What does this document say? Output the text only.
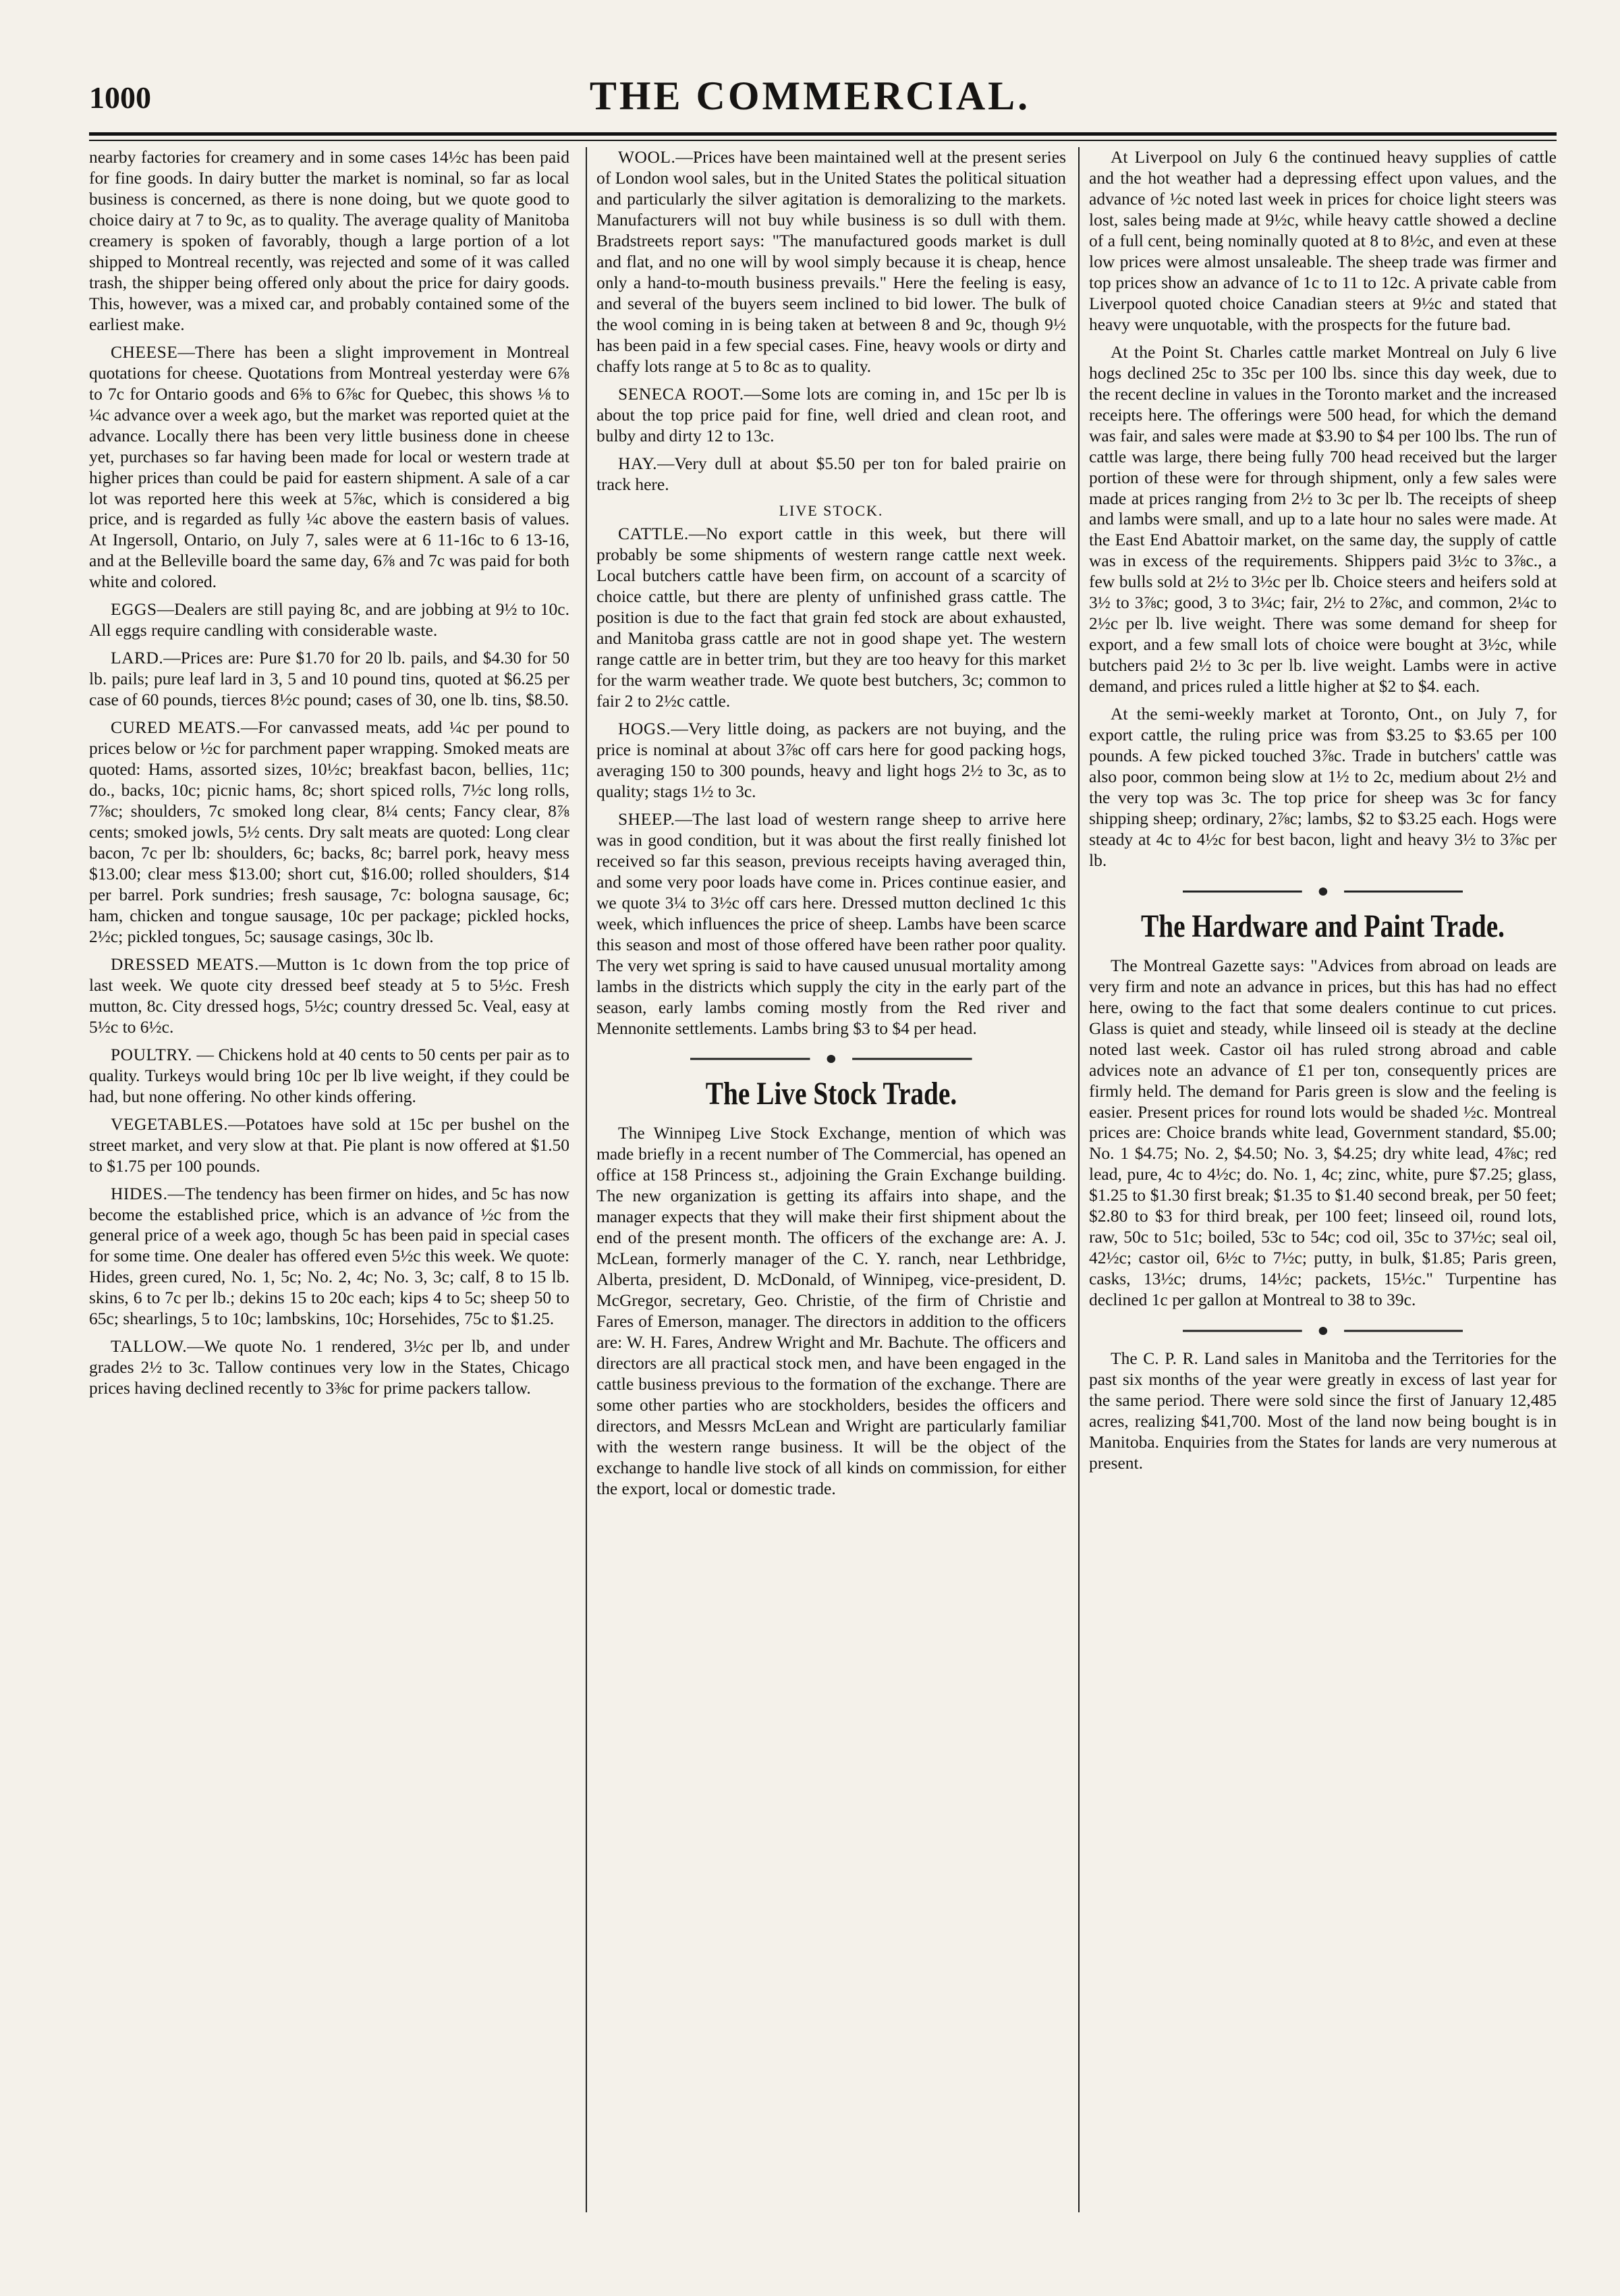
1000	THE COMMERCIAL.

nearby factories for creamery and in some cases 14½c has been paid for fine goods. In dairy butter the market is nominal, so far as local business is concerned, as there is none doing, but we quote good to choice dairy at 7 to 9c, as to quality. The average quality of Manitoba creamery is spoken of favorably, though a large portion of a lot shipped to Montreal recently, was rejected and some of it was called trash, the shipper being offered only about the price for dairy goods. This, however, was a mixed car, and probably contained some of the earliest make.

CHEESE—There has been a slight improvement in Montreal quotations for cheese. Quotations from Montreal yesterday were 6⅞ to 7c for Ontario goods and 6⅝ to 6⅞c for Quebec, this shows ⅛ to ¼c advance over a week ago, but the market was reported quiet at the advance. Locally there has been very little business done in cheese yet, purchases so far having been made for local or western trade at higher prices than could be paid for eastern shipment. A sale of a car lot was reported here this week at 5⅞c, which is considered a big price, and is regarded as fully ¼c above the eastern basis of values. At Ingersoll, Ontario, on July 7, sales were at 6 11-16c to 6 13-16, and at the Belleville board the same day, 6⅞ and 7c was paid for both white and colored.

EGGS—Dealers are still paying 8c, and are jobbing at 9½ to 10c. All eggs require candling with considerable waste.

LARD.—Prices are: Pure $1.70 for 20 lb. pails, and $4.30 for 50 lb. pails; pure leaf lard in 3, 5 and 10 pound tins, quoted at $6.25 per case of 60 pounds, tierces 8½c pound; cases of 30, one lb. tins, $8.50.

CURED MEATS.—For canvassed meats, add ¼c per pound to prices below or ½c for parchment paper wrapping. Smoked meats are quoted: Hams, assorted sizes, 10½c; breakfast bacon, bellies, 11c; do., backs, 10c; picnic hams, 8c; short spiced rolls, 7½c long rolls, 7⅞c; shoulders, 7c smoked long clear, 8¼ cents; Fancy clear, 8⅞ cents; smoked jowls, 5½ cents. Dry salt meats are quoted: Long clear bacon, 7c per lb: shoulders, 6c; backs, 8c; barrel pork, heavy mess $13.00; clear mess $13.00; short cut, $16.00; rolled shoulders, $14 per barrel. Pork sundries; fresh sausage, 7c: bologna sausage, 6c; ham, chicken and tongue sausage, 10c per package; pickled hocks, 2½c; pickled tongues, 5c; sausage casings, 30c lb.

DRESSED MEATS.—Mutton is 1c down from the top price of last week. We quote city dressed beef steady at 5 to 5½c. Fresh mutton, 8c. City dressed hogs, 5½c; country dressed 5c. Veal, easy at 5½c to 6½c.

POULTRY. — Chickens hold at 40 cents to 50 cents per pair as to quality. Turkeys would bring 10c per lb live weight, if they could be had, but none offering. No other kinds offering.

VEGETABLES.—Potatoes have sold at 15c per bushel on the street market, and very slow at that. Pie plant is now offered at $1.50 to $1.75 per 100 pounds.

HIDES.—The tendency has been firmer on hides, and 5c has now become the established price, which is an advance of ½c from the general price of a week ago, though 5c has been paid in special cases for some time. One dealer has offered even 5½c this week. We quote: Hides, green cured, No. 1, 5c; No. 2, 4c; No. 3, 3c; calf, 8 to 15 lb. skins, 6 to 7c per lb.; dekins 15 to 20c each; kips 4 to 5c; sheep 50 to 65c; shearlings, 5 to 10c; lambskins, 10c; Horsehides, 75c to $1.25.

TALLOW.—We quote No. 1 rendered, 3½c per lb, and under grades 2½ to 3c. Tallow continues very low in the States, Chicago prices having declined recently to 3⅜c for prime packers tallow.

WOOL.—Prices have been maintained well at the present series of London wool sales, but in the United States the political situation and particularly the silver agitation is demoralizing to the markets. Manufacturers will not buy while business is so dull with them. Bradstreets report says: "The manufactured goods market is dull and flat, and no one will by wool simply because it is cheap, hence only a hand-to-mouth business prevails." Here the feeling is easy, and several of the buyers seem inclined to bid lower. The bulk of the wool coming in is being taken at between 8 and 9c, though 9½ has been paid in a few special cases. Fine, heavy wools or dirty and chaffy lots range at 5 to 8c as to quality.

SENECA ROOT.—Some lots are coming in, and 15c per lb is about the top price paid for fine, well dried and clean root, and bulby and dirty 12 to 13c.

HAY.—Very dull at about $5.50 per ton for baled prairie on track here.

LIVE STOCK.

CATTLE.—No export cattle in this week, but there will probably be some shipments of western range cattle next week. Local butchers cattle have been firm, on account of a scarcity of choice cattle, but there are plenty of unfinished grass cattle. The position is due to the fact that grain fed stock are about exhausted, and Manitoba grass cattle are not in good shape yet. The western range cattle are in better trim, but they are too heavy for this market for the warm weather trade. We quote best butchers, 3c; common to fair 2 to 2½c cattle.

HOGS.—Very little doing, as packers are not buying, and the price is nominal at about 3⅞c off cars here for good packing hogs, averaging 150 to 300 pounds, heavy and light hogs 2½ to 3c, as to quality; stags 1½ to 3c.

SHEEP.—The last load of western range sheep to arrive here was in good condition, but it was about the first really finished lot received so far this season, previous receipts having averaged thin, and some very poor loads have come in. Prices continue easier, and we quote 3¼ to 3½c off cars here. Dressed mutton declined 1c this week, which influences the price of sheep. Lambs have been scarce this season and most of those offered have been rather poor quality. The very wet spring is said to have caused unusual mortality among lambs in the districts which supply the city in the early part of the season, early lambs coming mostly from the Red river and Mennonite settlements. Lambs bring $3 to $4 per head.

The Live Stock Trade.

The Winnipeg Live Stock Exchange, mention of which was made briefly in a recent number of The Commercial, has opened an office at 158 Princess st., adjoining the Grain Exchange building. The new organization is getting its affairs into shape, and the manager expects that they will make their first shipment about the end of the present month. The officers of the exchange are: A. J. McLean, formerly manager of the C. Y. ranch, near Lethbridge, Alberta, president, D. McDonald, of Winnipeg, vice-president, D. McGregor, secretary, Geo. Christie, of the firm of Christie and Fares of Emerson, manager. The directors in addition to the officers are: W. H. Fares, Andrew Wright and Mr. Bachute. The officers and directors are all practical stock men, and have been engaged in the cattle business previous to the formation of the exchange. There are some other parties who are stockholders, besides the officers and directors, and Messrs McLean and Wright are particularly familiar with the western range business. It will be the object of the exchange to handle live stock of all kinds on commission, for either the export, local or domestic trade.

At Liverpool on July 6 the continued heavy supplies of cattle and the hot weather had a depressing effect upon values, and the advance of ½c noted last week in prices for choice light steers was lost, sales being made at 9½c, while heavy cattle showed a decline of a full cent, being nominally quoted at 8 to 8½c, and even at these low prices were almost unsaleable. The sheep trade was firmer and top prices show an advance of 1c to 11 to 12c. A private cable from Liverpool quoted choice Canadian steers at 9½c and stated that heavy were unquotable, with the prospects for the future bad.

At the Point St. Charles cattle market Montreal on July 6 live hogs declined 25c to 35c per 100 lbs. since this day week, due to the recent decline in values in the Toronto market and the increased receipts here. The offerings were 500 head, for which the demand was fair, and sales were made at $3.90 to $4 per 100 lbs. The run of cattle was large, there being fully 700 head received but the larger portion of these were for through shipment, only a few sales were made at prices ranging from 2½ to 3c per lb. The receipts of sheep and lambs were small, and up to a late hour no sales were made. At the East End Abattoir market, on the same day, the supply of cattle was in excess of the requirements. Shippers paid 3½c to 3⅞c., a few bulls sold at 2½ to 3½c per lb. Choice steers and heifers sold at 3½ to 3⅞c; good, 3 to 3¼c; fair, 2½ to 2⅞c, and common, 2¼c to 2½c per lb. live weight. There was some demand for sheep for export, and a few small lots of choice were bought at 3½c, while butchers paid 2½ to 3c per lb. live weight. Lambs were in active demand, and prices ruled a little higher at $2 to $4. each.

At the semi-weekly market at Toronto, Ont., on July 7, for export cattle, the ruling price was from $3.25 to $3.65 per 100 pounds. A few picked touched 3⅞c. Trade in butchers' cattle was also poor, common being slow at 1½ to 2c, medium about 2½ and the very top was 3c. The top price for sheep was 3c for fancy shipping sheep; ordinary, 2⅞c; lambs, $2 to $3.25 each. Hogs were steady at 4c to 4½c for best bacon, light and heavy 3½ to 3⅞c per lb.

The Hardware and Paint Trade.

The Montreal Gazette says: "Advices from abroad on leads are very firm and note an advance in prices, but this has had no effect here, owing to the fact that some dealers continue to cut prices. Glass is quiet and steady, while linseed oil is steady at the decline noted last week. Castor oil has ruled strong abroad and cable advices note an advance of £1 per ton, consequently prices are firmly held. The demand for Paris green is slow and the feeling is easier. Present prices for round lots would be shaded ½c. Montreal prices are: Choice brands white lead, Government standard, $5.00; No. 1 $4.75; No. 2, $4.50; No. 3, $4.25; dry white lead, 4⅞c; red lead, pure, 4c to 4½c; do. No. 1, 4c; zinc, white, pure $7.25; glass, $1.25 to $1.30 first break; $1.35 to $1.40 second break, per 50 feet; $2.80 to $3 for third break, per 100 feet; linseed oil, round lots, raw, 50c to 51c; boiled, 53c to 54c; cod oil, 35c to 37½c; seal oil, 42½c; castor oil, 6½c to 7½c; putty, in bulk, $1.85; Paris green, casks, 13½c; drums, 14½c; packets, 15½c." Turpentine has declined 1c per gallon at Montreal to 38 to 39c.

The C. P. R. Land sales in Manitoba and the Territories for the past six months of the year were greatly in excess of last year for the same period. There were sold since the first of January 12,485 acres, realizing $41,700. Most of the land now being bought is in Manitoba. Enquiries from the States for lands are very numerous at present.
